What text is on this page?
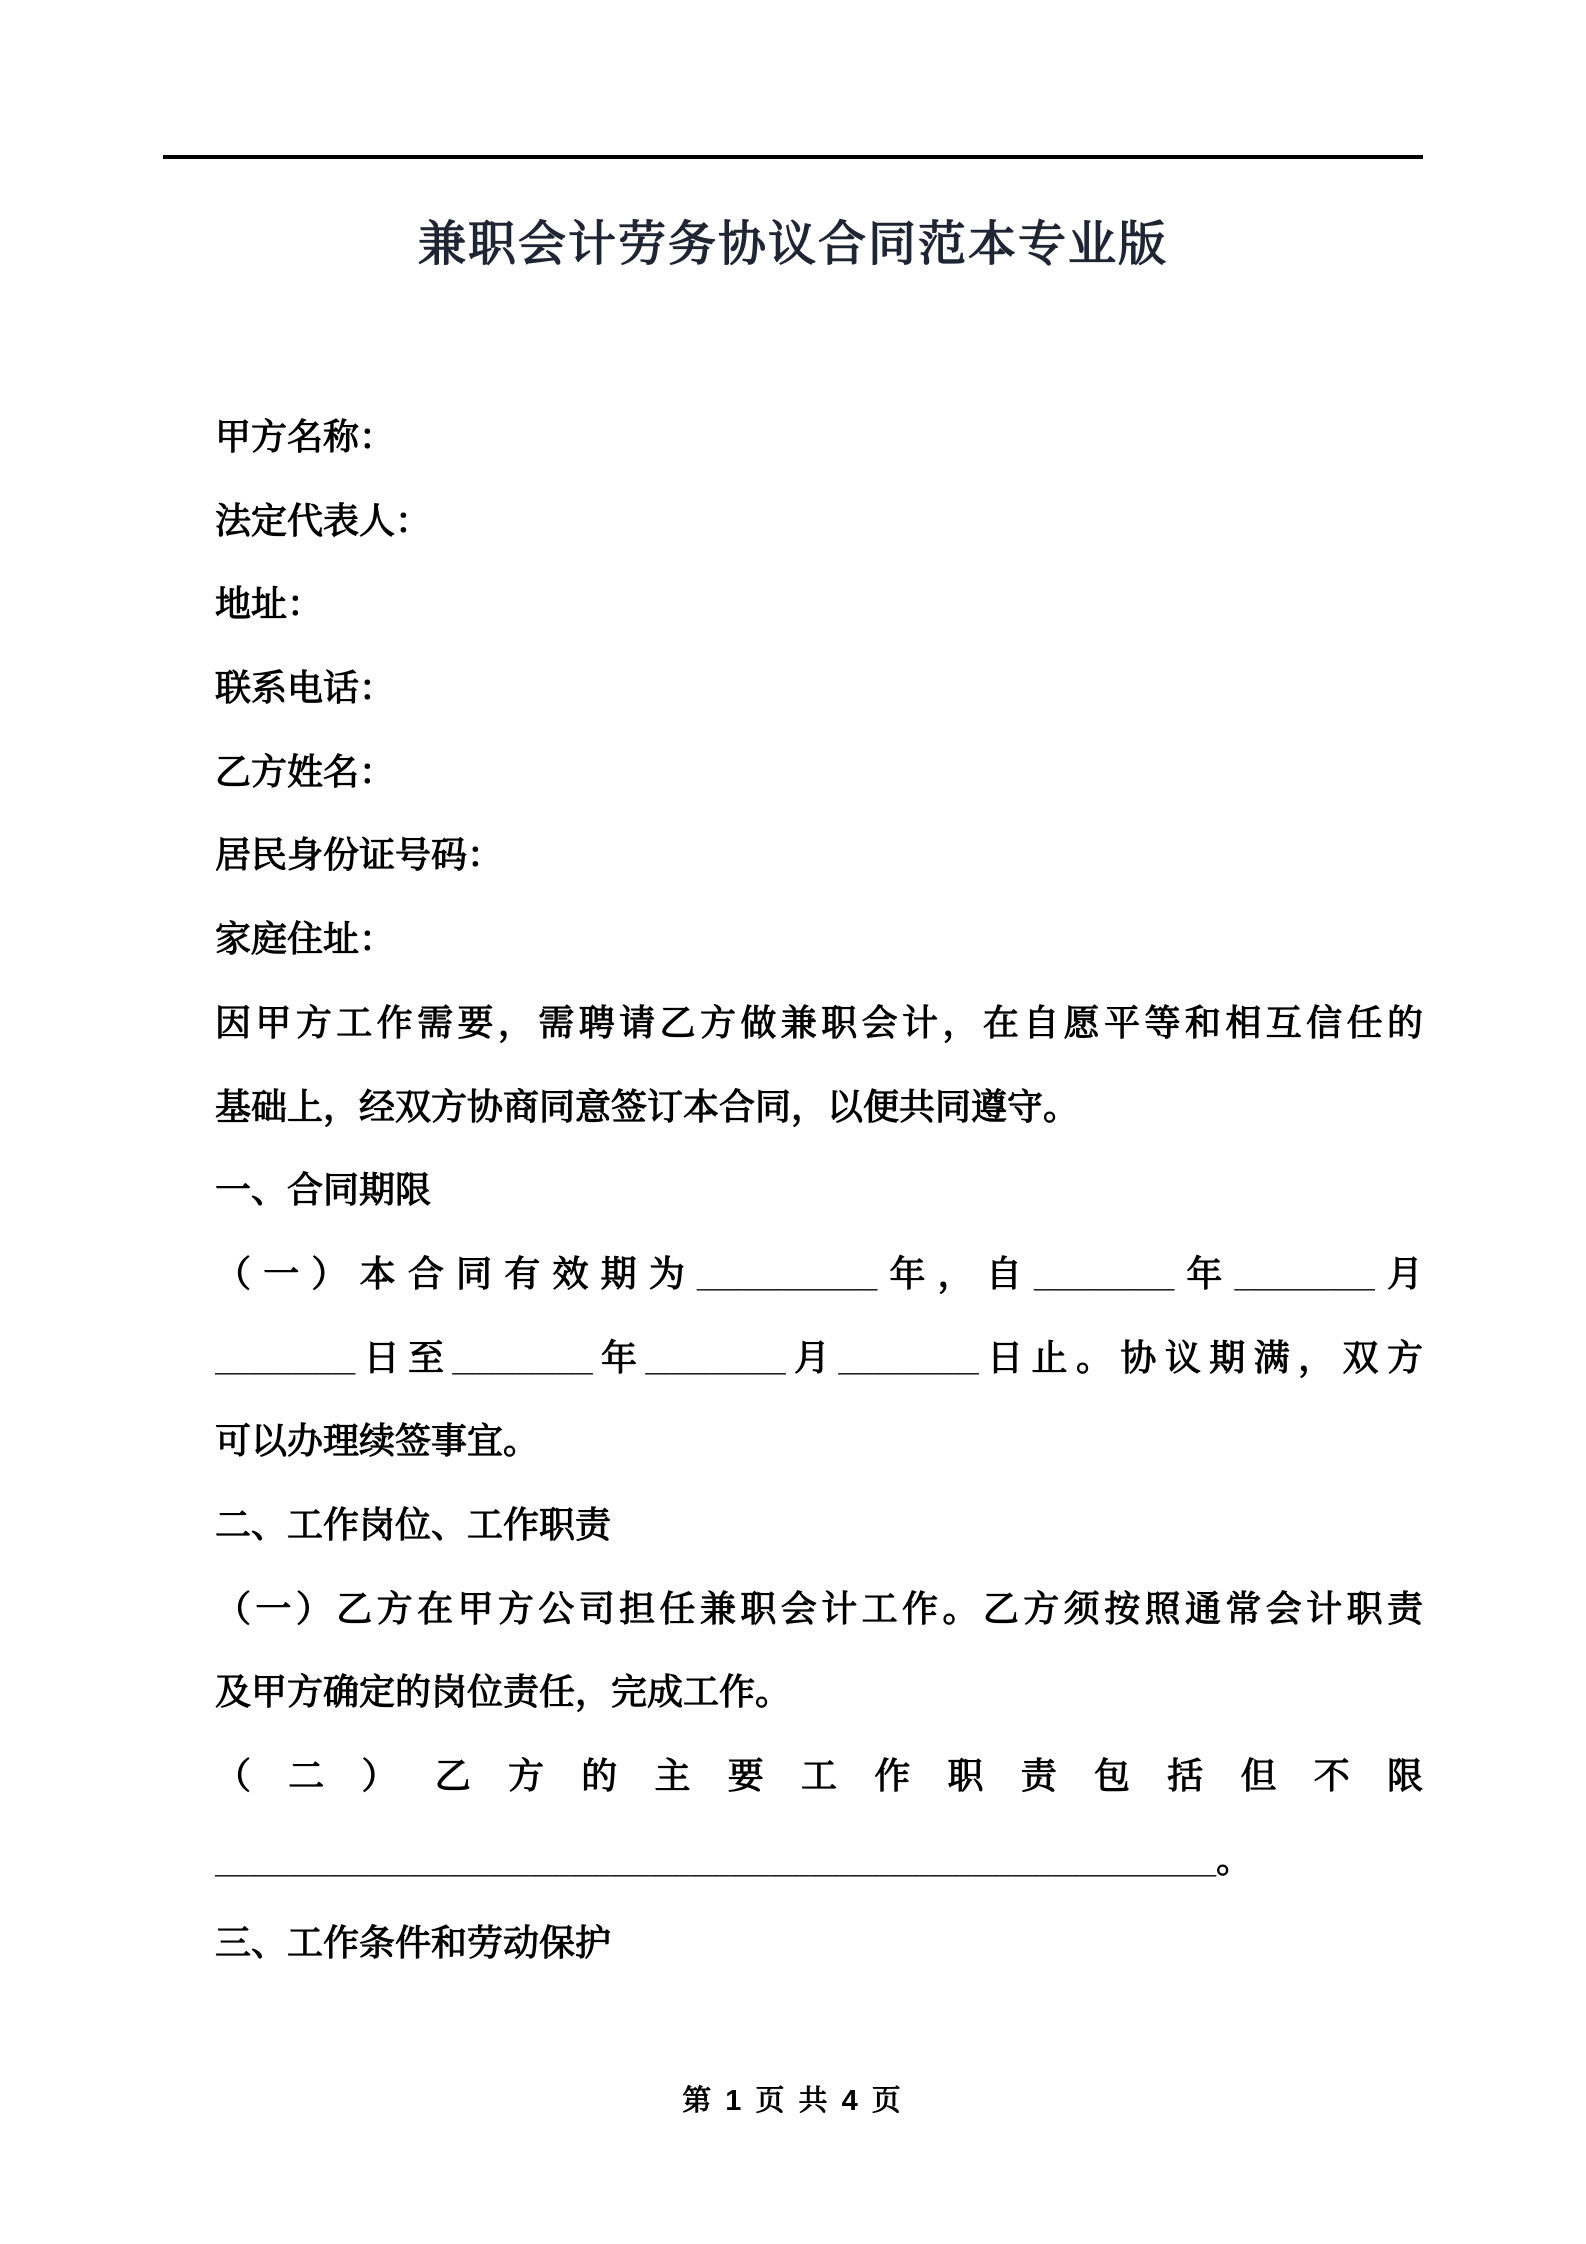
兼职会计劳务协议合同范本专业版
甲方名称：
法定代表人：
地址：
联系电话：
乙方姓名：
居民身份证号码：
家庭住址：
因甲方工作需要，需聘请乙方做兼职会计，在自愿平等和相互信任的
基础上，经双方协商同意签订本合同，以便共同遵守。
一、合同期限
（一）本合同有效期为_________年，自_______年_______月
_______日至_______年_______月_______日止。协议期满，双方
可以办理续签事宜。
二、工作岗位、工作职责
（一）乙方在甲方公司担任兼职会计工作。乙方须按照通常会计职责
及甲方确定的岗位责任，完成工作。
（二）乙方的主要工作职责包括但不限
__________________________________________________。
三、工作条件和劳动保护
第 1 页 共 4 页
